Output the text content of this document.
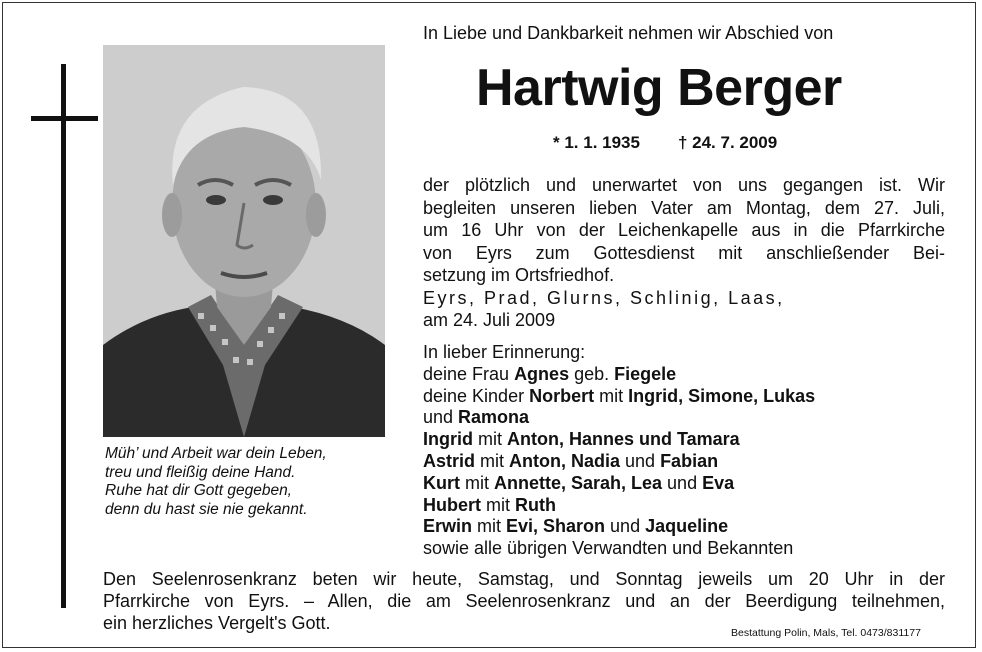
Müh’ und Arbeit war dein Leben,
treu und fleißig deine Hand.
Ruhe hat dir Gott gegeben,
denn du hast sie nie gekannt.
In Liebe und Dankbarkeit nehmen wir Abschied von
Hartwig Berger
* 1. 1. 1935 † 24. 7. 2009
der plötzlich und unerwartet von uns gegangen ist. Wir
begleiten unseren lieben Vater am Montag, dem 27. Juli,
um 16 Uhr von der Leichenkapelle aus in die Pfarrkirche
von Eyrs zum Gottesdienst mit anschließender Bei-
setzung im Ortsfriedhof.
Eyrs, Prad, Glurns, Schlinig, Laas,
am 24. Juli 2009
In lieber Erinnerung:
deine Frau Agnes geb. Fiegele
deine Kinder Norbert mit Ingrid, Simone, Lukas
und Ramona
Ingrid mit Anton, Hannes und Tamara
Astrid mit Anton, Nadia und Fabian
Kurt mit Annette, Sarah, Lea und Eva
Hubert mit Ruth
Erwin mit Evi, Sharon und Jaqueline
sowie alle übrigen Verwandten und Bekannten
Den Seelenrosenkranz beten wir heute, Samstag, und Sonntag jeweils um 20 Uhr in der
Pfarrkirche von Eyrs. – Allen, die am Seelenrosenkranz und an der Beerdigung teilnehmen,
ein herzliches Vergelt's Gott.	Bestattung Polin, Mals, Tel. 0473/831177
